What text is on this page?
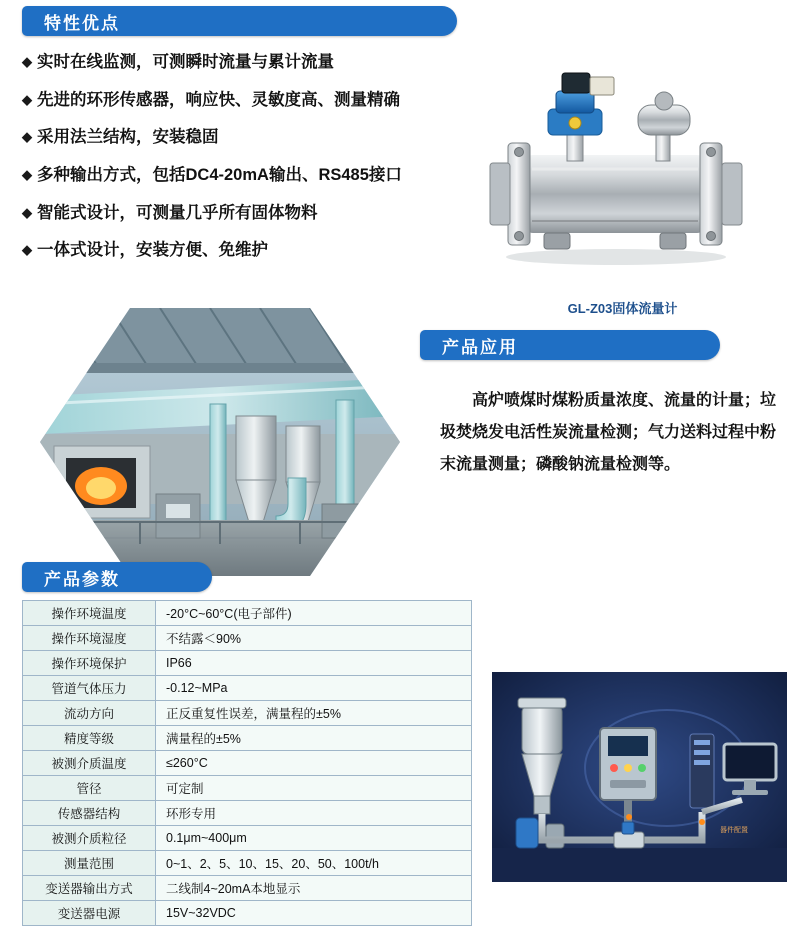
特性优点
◆ 实时在线监测，可测瞬时流量与累计流量
◆ 先进的环形传感器，响应快、灵敏度高、测量精确
◆ 采用法兰结构，安装稳固
◆ 多种输出方式，包括DC4-20mA输出、RS485接口
◆ 智能式设计，可测量几乎所有固体物料
◆ 一体式设计，安装方便、免维护
GL-Z03固体流量计
产品应用
高炉喷煤时煤粉质量浓度、流量的计量；垃圾焚烧发电活性炭流量检测；气力送料过程中粉末流量测量；磷酸钠流量检测等。
产品参数
操作环境温度	-20°C~60°C(电子部件)
操作环境湿度	不结露＜90%
操作环境保护	IP66
管道气体压力	-0.12~MPa
流动方向	正反重复性误差，满量程的±5%
精度等级	满量程的±5%
被测介质温度	≤260°C
管径	可定制
传感器结构	环形专用
被测介质粒径	0.1μm~400μm
测量范围	0~1、2、5、10、15、20、50、100t/h
变送器输出方式	二线制4~20mA本地显示
变送器电源	15V~32VDC
器件配置
